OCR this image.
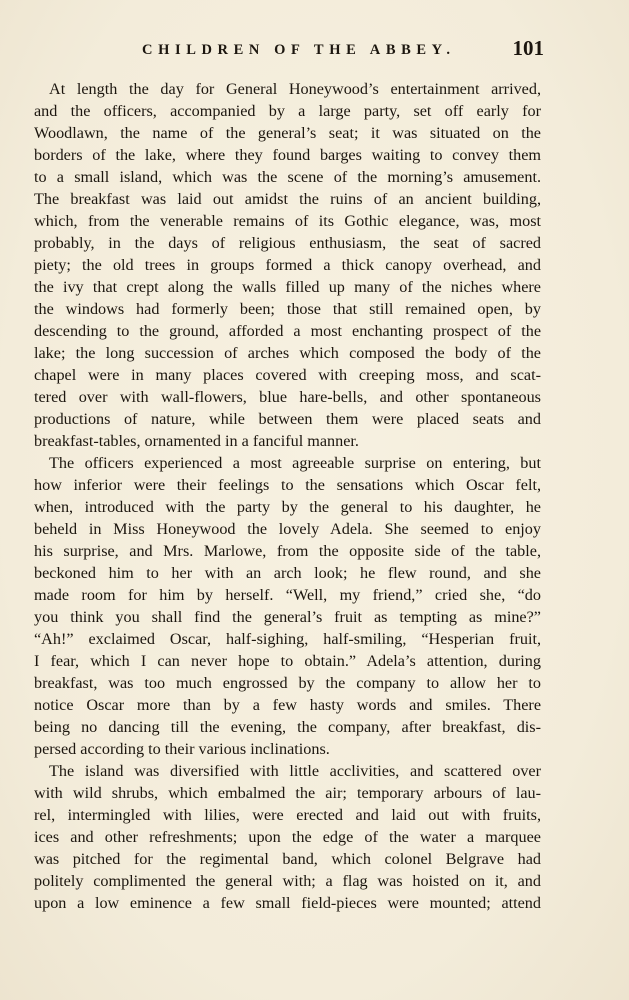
CHILDREN OF THE ABBEY.	101
At length the day for General Honeywood’s entertainment arrived,
and the officers, accompanied by a large party, set off early for
Woodlawn, the name of the general’s seat; it was situated on the
borders of the lake, where they found barges waiting to convey them
to a small island, which was the scene of the morning’s amusement.
The breakfast was laid out amidst the ruins of an ancient building,
which, from the venerable remains of its Gothic elegance, was, most
probably, in the days of religious enthusiasm, the seat of sacred
piety; the old trees in groups formed a thick canopy overhead, and
the ivy that crept along the walls filled up many of the niches where
the windows had formerly been; those that still remained open, by
descending to the ground, afforded a most enchanting prospect of the
lake; the long succession of arches which composed the body of the
chapel were in many places covered with creeping moss, and scat-
tered over with wall-flowers, blue hare-bells, and other spontaneous
productions of nature, while between them were placed seats and
breakfast-tables, ornamented in a fanciful manner.
The officers experienced a most agreeable surprise on entering, but
how inferior were their feelings to the sensations which Oscar felt,
when, introduced with the party by the general to his daughter, he
beheld in Miss Honeywood the lovely Adela. She seemed to enjoy
his surprise, and Mrs. Marlowe, from the opposite side of the table,
beckoned him to her with an arch look; he flew round, and she
made room for him by herself. “Well, my friend,” cried she, “do
you think you shall find the general’s fruit as tempting as mine?”
“Ah!” exclaimed Oscar, half-sighing, half-smiling, “Hesperian fruit,
I fear, which I can never hope to obtain.” Adela’s attention, during
breakfast, was too much engrossed by the company to allow her to
notice Oscar more than by a few hasty words and smiles. There
being no dancing till the evening, the company, after breakfast, dis-
persed according to their various inclinations.
The island was diversified with little acclivities, and scattered over
with wild shrubs, which embalmed the air; temporary arbours of lau-
rel, intermingled with lilies, were erected and laid out with fruits,
ices and other refreshments; upon the edge of the water a marquee
was pitched for the regimental band, which colonel Belgrave had
politely complimented the general with; a flag was hoisted on it, and
upon a low eminence a few small field-pieces were mounted; attend
